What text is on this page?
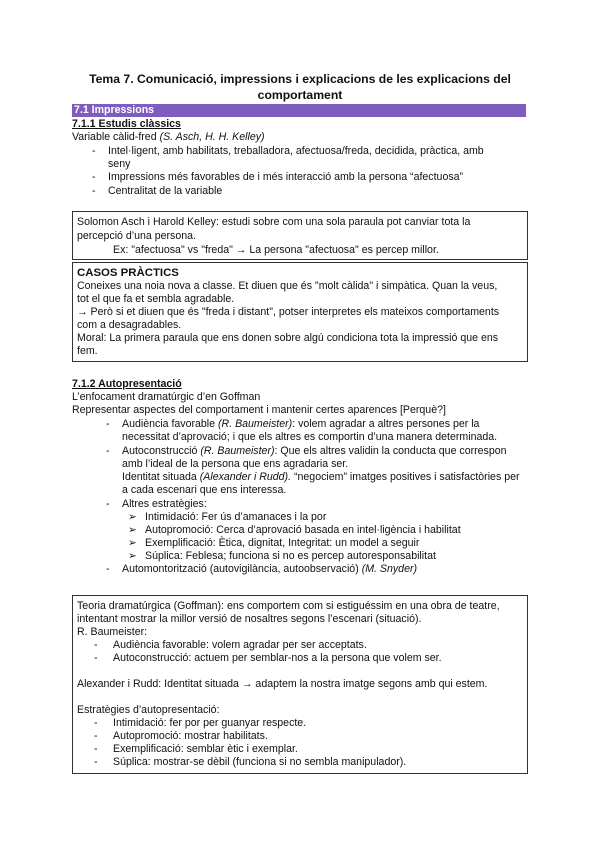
Tema 7. Comunicació, impressions i explicacions de les explicacions del
comportament
7.1 Impressions
7.1.1 Estudis clàssics
Variable càlid-fred (S. Asch, H. H. Kelley)
- Intel·ligent, amb habilitats, treballadora, afectuosa/freda, decidida, pràctica, amb
seny
- Impressions més favorables de i més interacció amb la persona “afectuosa”
- Centralitat de la variable
Solomon Asch i Harold Kelley: estudi sobre com una sola paraula pot canviar tota la
percepció d’una persona.
Ex: "afectuosa" vs "freda" → La persona "afectuosa" es percep millor.
CASOS PRÀCTICS
Coneixes una noia nova a classe. Et diuen que és "molt càlida" i simpàtica. Quan la veus,
tot el que fa et sembla agradable.
→ Però si et diuen que és "freda i distant", potser interpretes els mateixos comportaments
com a desagradables.
Moral: La primera paraula que ens donen sobre algú condiciona tota la impressió que ens
fem.
7.1.2 Autopresentació
L’enfocament dramatúrgic d’en Goffman
Representar aspectes del comportament i mantenir certes aparences [Perquè?]
- Audiència favorable (R. Baumeister): volem agradar a altres persones per la
necessitat d’aprovació; i que els altres es comportin d’una manera determinada.
- Autoconstrucció (R. Baumeister): Que els altres validin la conducta que correspon
amb l’ideal de la persona que ens agradaria ser.
Identitat situada (Alexander i Rudd). “negociem” imatges positives i satisfactòries per
a cada escenari que ens interessa.
- Altres estratègies:
➢ Intimidació: Fer ús d’amanaces i la por
➢ Autopromoció: Cerca d’aprovació basada en intel·ligència i habilitat
➢ Exemplificació: Ètica, dignitat, Integritat: un model a seguir
➢ Súplica: Feblesa; funciona si no es percep autoresponsabilitat
- Automontorització (autovigilància, autoobservació) (M. Snyder)
Teoria dramatúrgica (Goffman): ens comportem com si estiguéssim en una obra de teatre,
intentant mostrar la millor versió de nosaltres segons l’escenari (situació).
R. Baumeister:
- Audiència favorable: volem agradar per ser acceptats.
- Autoconstrucció: actuem per semblar-nos a la persona que volem ser.
Alexander i Rudd: Identitat situada → adaptem la nostra imatge segons amb qui estem.
Estratègies d’autopresentació:
- Intimidació: fer por per guanyar respecte.
- Autopromoció: mostrar habilitats.
- Exemplificació: semblar ètic i exemplar.
- Súplica: mostrar-se dèbil (funciona si no sembla manipulador).
